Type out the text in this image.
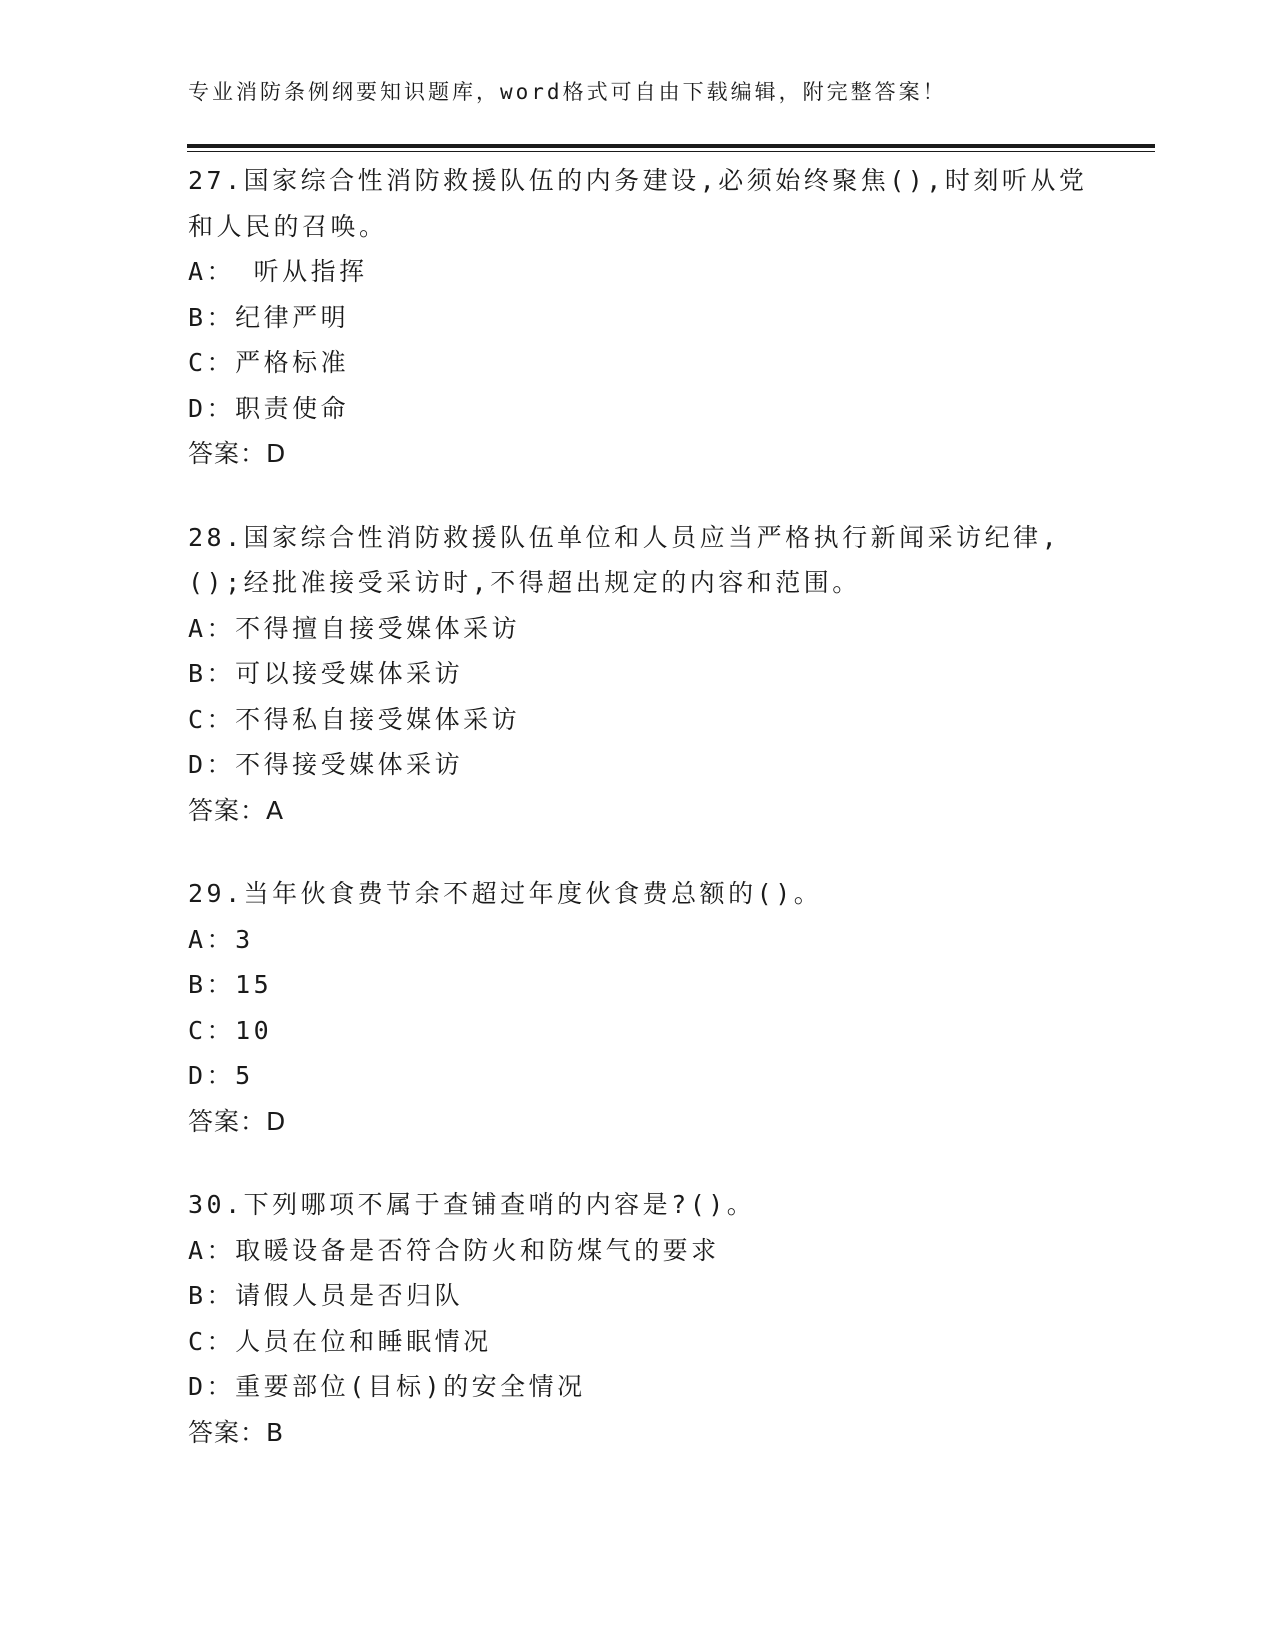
专业消防条例纲要知识题库，word格式可自由下载编辑，附完整答案！

27.国家综合性消防救援队伍的内务建设,必须始终聚焦(),时刻听从党和人民的召唤。

A： 听从指挥
B：纪律严明
C：严格标准
D：职责使命
答案：D

28.国家综合性消防救援队伍单位和人员应当严格执行新闻采访纪律,();经批准接受采访时,不得超出规定的内容和范围。

A：不得擅自接受媒体采访
B：可以接受媒体采访
C：不得私自接受媒体采访
D：不得接受媒体采访
答案：A

29.当年伙食费节余不超过年度伙食费总额的()。

A：3
B：15
C：10
D：5
答案：D

30.下列哪项不属于查铺查哨的内容是?()。

A：取暖设备是否符合防火和防煤气的要求
B：请假人员是否归队
C：人员在位和睡眠情况
D：重要部位(目标)的安全情况
答案：B
